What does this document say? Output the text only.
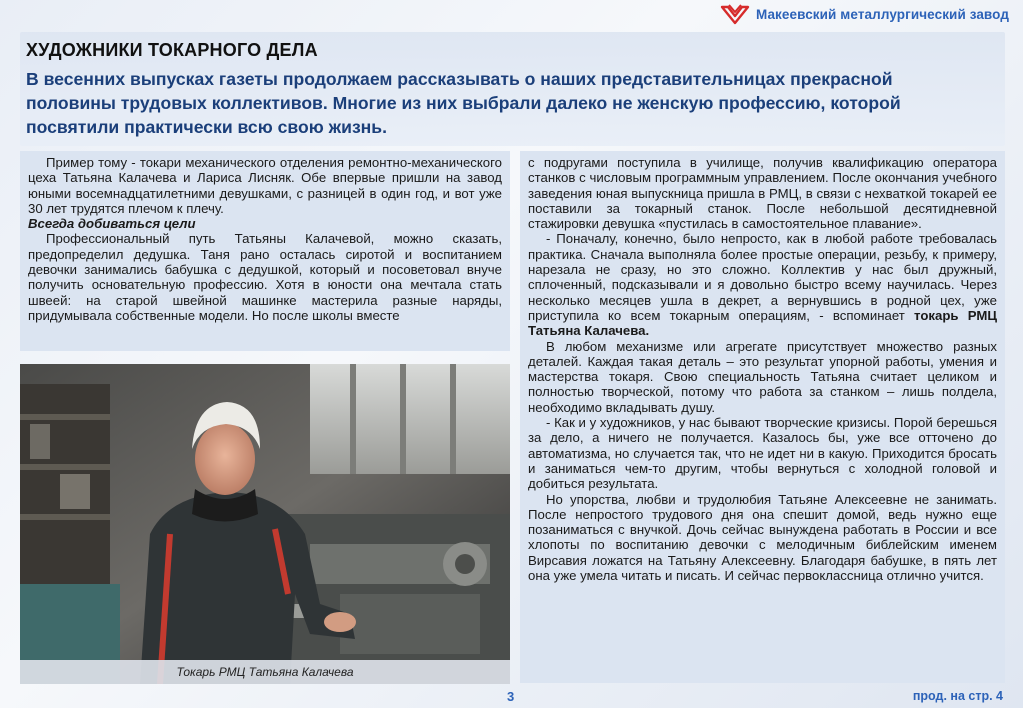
Макеевский металлургический завод
ХУДОЖНИКИ ТОКАРНОГО ДЕЛА
В весенних выпусках газеты продолжаем рассказывать о наших представительницах прекрасной половины трудовых коллективов. Многие из них выбрали далеко не женскую профессию, которой посвятили практически всю свою жизнь.

Пример тому - токари механического отделения ремонтно-механического цеха Татьяна Калачева и Лариса Лисняк. Обе впервые пришли на завод юными восемнадцатилетними девушками, с разницей в один год, и вот уже 30 лет трудятся плечом к плечу.

Всегда добиваться цели

Профессиональный путь Татьяны Калачевой, можно сказать, предопределил дедушка. Таня рано осталась сиротой и воспитанием девочки занимались бабушка с дедушкой, который и посоветовал внуче получить основательную профессию. Хотя в юности она мечтала стать швеей: на старой швейной машинке мастерила разные наряды, придумывала собственные модели. Но после школы вместе

Токарь РМЦ Татьяна Калачева

с подругами поступила в училище, получив квалификацию оператора станков с числовым программным управлением. После окончания учебного заведения юная выпускница пришла в РМЦ, в связи с нехваткой токарей ее поставили за токарный станок. После небольшой десятидневной стажировки девушка «пустилась в самостоятельное плавание».

- Поначалу, конечно, было непросто, как в любой работе требовалась практика. Сначала выполняла более простые операции, резьбу, к примеру, нарезала не сразу, но это сложно. Коллектив у нас был дружный, сплоченный, подсказывали и я довольно быстро всему научилась. Через несколько месяцев ушла в декрет, а вернувшись в родной цех, уже приступила ко всем токарным операциям, - вспоминает токарь РМЦ Татьяна Калачева.

В любом механизме или агрегате присутствует множество разных деталей. Каждая такая деталь – это результат упорной работы, умения и мастерства токаря. Свою специальность Татьяна считает целиком и полностью творческой, потому что работа за станком – лишь полдела, необходимо вкладывать душу.

- Как и у художников, у нас бывают творческие кризисы. Порой берешься за дело, а ничего не получается. Казалось бы, уже все отточено до автоматизма, но случается так, что не идет ни в какую. Приходится бросать и заниматься чем-то другим, чтобы вернуться с холодной головой и добиться результата.

Но упорства, любви и трудолюбия Татьяне Алексеевне не занимать. После непростого трудового дня она спешит домой, ведь нужно еще позаниматься с внучкой. Дочь сейчас вынуждена работать в России и все хлопоты по воспитанию девочки с мелодичным библейским именем Вирсавия ложатся на Татьяну Алексеевну. Благодаря бабушке, в пять лет она уже умела читать и писать. И сейчас первоклассница отлично учится.

3	прод. на стр. 4
